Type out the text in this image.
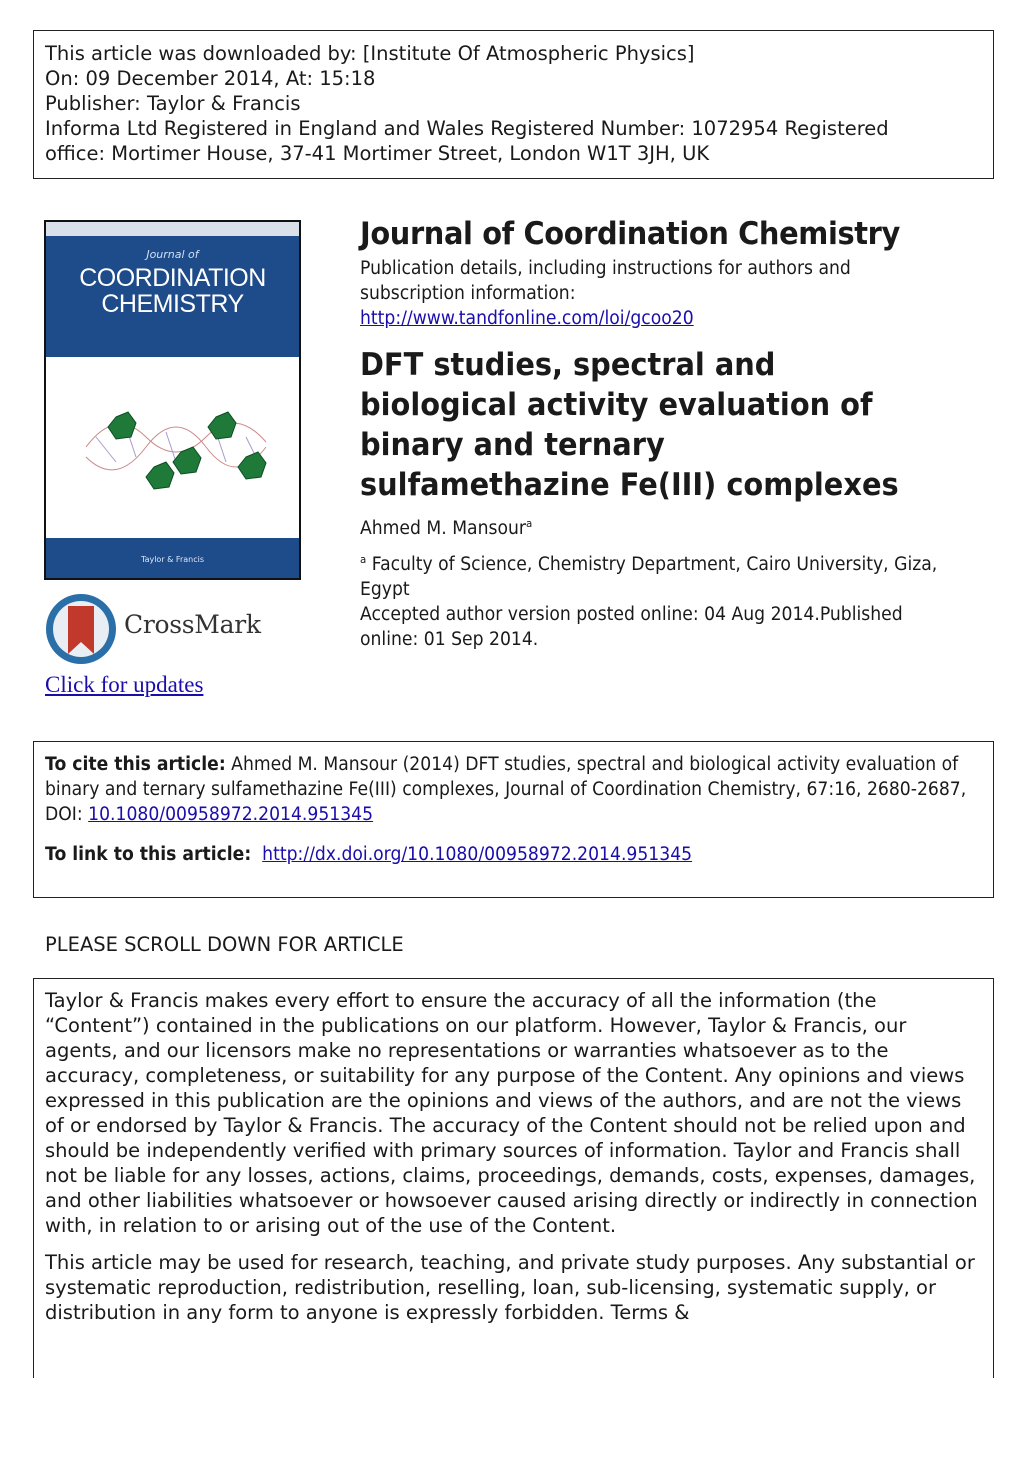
This article was downloaded by: [Institute Of Atmospheric Physics]
On: 09 December 2014, At: 15:18
Publisher: Taylor & Francis
Informa Ltd Registered in England and Wales Registered Number: 1072954 Registered
office: Mortimer House, 37-41 Mortimer Street, London W1T 3JH, UK
Journal of
COORDINATION
CHEMISTRY
Taylor & Francis
CrossMark
Click for updates
Journal of Coordination Chemistry
Publication details, including instructions for authors and subscription information:
http://www.tandfonline.com/loi/gcoo20
DFT studies, spectral and biological activity evaluation of binary and ternary sulfamethazine Fe(III) complexes
Ahmed M. Mansour$^a$
$^a$ Faculty of Science, Chemistry Department, Cairo University, Giza, Egypt
Accepted author version posted online: 04 Aug 2014.Published online: 01 Sep 2014.
To cite this article: Ahmed M. Mansour (2014) DFT studies, spectral and biological activity evaluation of binary and ternary sulfamethazine Fe(III) complexes, Journal of Coordination Chemistry, 67:16, 2680-2687, DOI: 10.1080/00958972.2014.951345
To link to this article: http://dx.doi.org/10.1080/00958972.2014.951345
PLEASE SCROLL DOWN FOR ARTICLE

Taylor & Francis makes every effort to ensure the accuracy of all the information (the “Content”) contained in the publications on our platform. However, Taylor & Francis, our agents, and our licensors make no representations or warranties whatsoever as to the accuracy, completeness, or suitability for any purpose of the Content. Any opinions and views expressed in this publication are the opinions and views of the authors, and are not the views of or endorsed by Taylor & Francis. The accuracy of the Content should not be relied upon and should be independently verified with primary sources of information. Taylor and Francis shall not be liable for any losses, actions, claims, proceedings, demands, costs, expenses, damages, and other liabilities whatsoever or howsoever caused arising directly or indirectly in connection with, in relation to or arising out of the use of the Content.

This article may be used for research, teaching, and private study purposes. Any substantial or systematic reproduction, redistribution, reselling, loan, sub-licensing, systematic supply, or distribution in any form to anyone is expressly forbidden. Terms &
